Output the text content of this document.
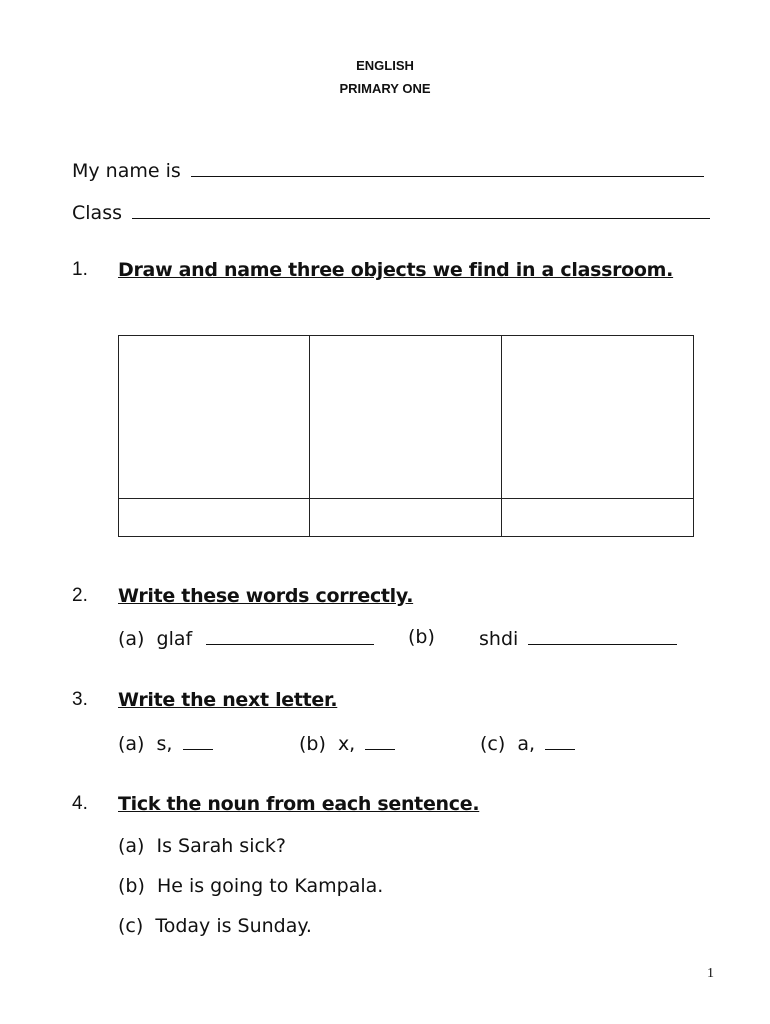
ENGLISH
PRIMARY ONE
My name is
Class
1. Draw and name three objects we find in a classroom.
2. Write these words correctly.
(a) glaf	(b) shdi
3. Write the next letter.
(a) s,	(b) x,	(c) a,
4. Tick the noun from each sentence.
(a) Is Sarah sick?
(b) He is going to Kampala.
(c) Today is Sunday.
1
